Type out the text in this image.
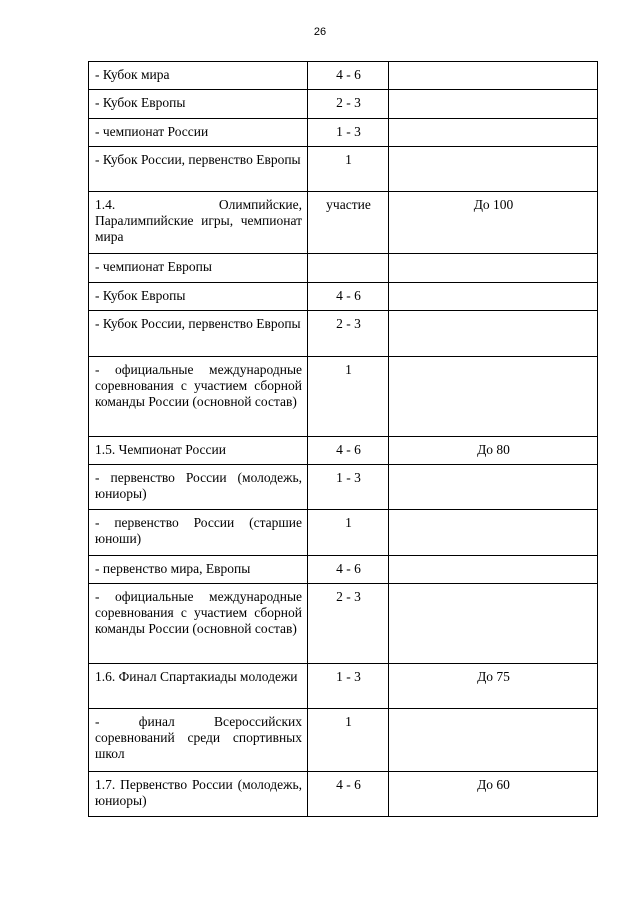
26
- Кубок мира	4 - 6	
- Кубок Европы	2 - 3	
- чемпионат России	1 - 3	
- Кубок России, первенство Европы	1	
1.4. Олимпийские, Паралимпийские игры, чемпионат мира	участие	До 100
- чемпионат Европы		
- Кубок Европы	4 - 6	
- Кубок России, первенство Европы	2 - 3	
- официальные международные соревнования с участием сборной команды России (основной состав)	1	
1.5. Чемпионат России	4 - 6	До 80
- первенство России (молодежь, юниоры)	1 - 3	
- первенство России (старшие юноши)	1	
- первенство мира, Европы	4 - 6	
- официальные международные соревнования с участием сборной команды России (основной состав)	2 - 3	
1.6. Финал Спартакиады молодежи	1 - 3	До 75
- финал Всероссийских соревнований среди спортивных школ	1	
1.7. Первенство России (молодежь, юниоры)	4 - 6	До 60
